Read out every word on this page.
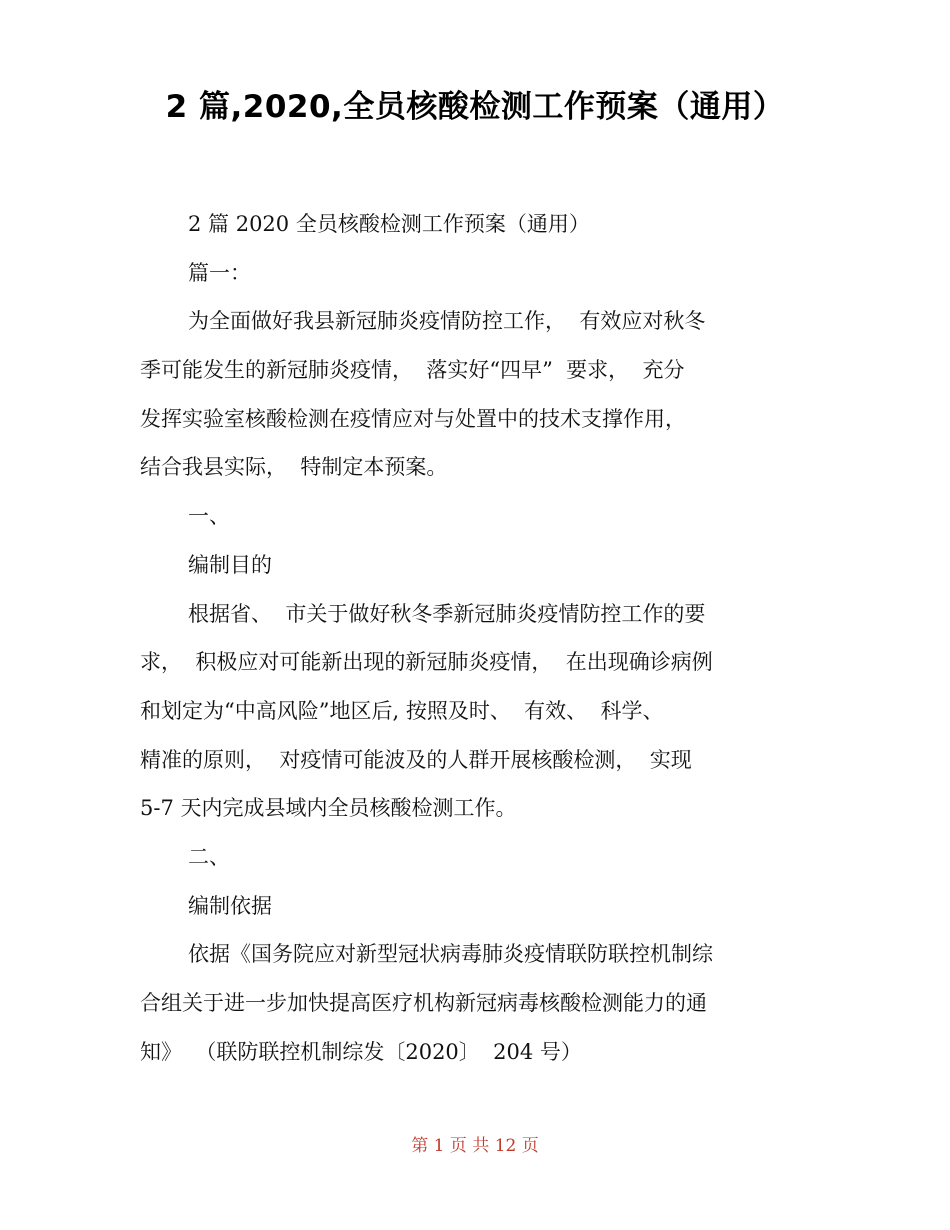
2 篇,2020,全员核酸检测工作预案（通用）
2 篇 2020 全员核酸检测工作预案（通用）
篇一：
为全面做好我县新冠肺炎疫情防控工作，  有效应对秋冬
季可能发生的新冠肺炎疫情，  落实好“四早”  要求，  充分
发挥实验室核酸检测在疫情应对与处置中的技术支撑作用，
结合我县实际，  特制定本预案。
一、
编制目的
根据省、  市关于做好秋冬季新冠肺炎疫情防控工作的要
求，  积极应对可能新出现的新冠肺炎疫情，  在出现确诊病例
和划定为“中高风险”地区后, 按照及时、  有效、  科学、
精准的原则，  对疫情可能波及的人群开展核酸检测，  实现
5-7 天内完成县域内全员核酸检测工作。
二、
编制依据
依据《国务院应对新型冠状病毒肺炎疫情联防联控机制综
合组关于进一步加快提高医疗机构新冠病毒核酸检测能力的通
知》  （联防联控机制综发〔2020〕  204 号）
第 1 页 共 12 页
